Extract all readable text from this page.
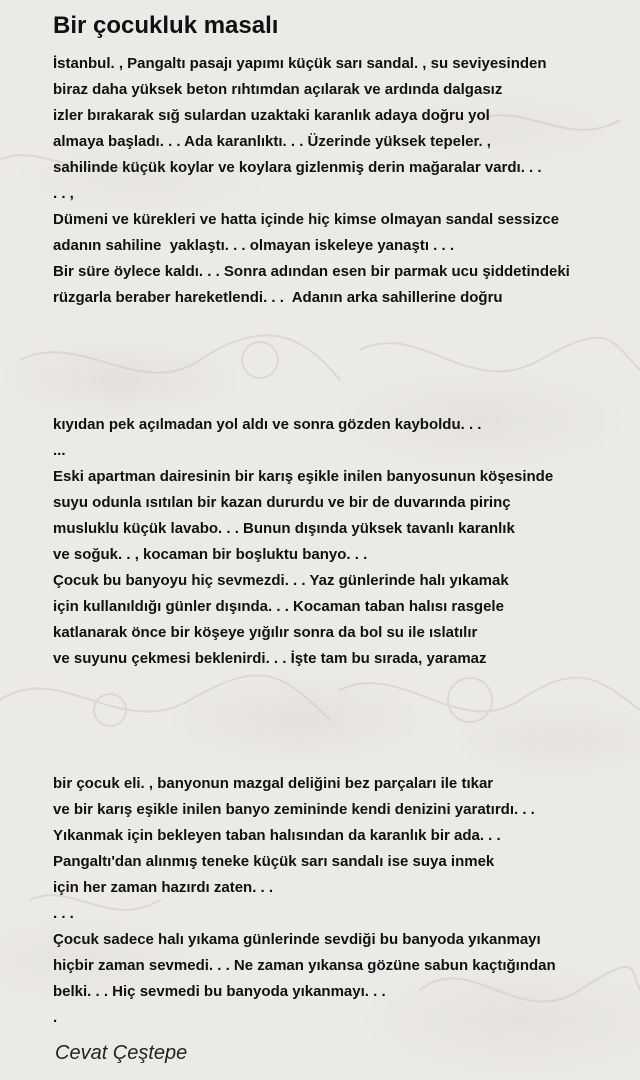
Bir çocukluk masalı
İstanbul. , Pangaltı pasajı yapımı küçük sarı sandal. , su seviyesinden
biraz daha yüksek beton rıhtımdan açılarak ve ardında dalgasız
izler bırakarak sığ sulardan uzaktaki karanlık adaya doğru yol
almaya başladı. . . Ada karanlıktı. . . Üzerinde yüksek tepeler. ,
sahilinde küçük koylar ve koylara gizlenmiş derin mağaralar vardı. . .
. . ,
Dümeni ve kürekleri ve hatta içinde hiç kimse olmayan sandal sessizce
adanın sahiline  yaklaştı. . . olmayan iskeleye yanaştı . . .
Bir süre öylece kaldı. . . Sonra adından esen bir parmak ucu şiddetindeki
rüzgarla beraber hareketlendi. . .  Adanın arka sahillerine doğru
kıyıdan pek açılmadan yol aldı ve sonra gözden kayboldu. . .
...
Eski apartman dairesinin bir karış eşikle inilen banyosunun köşesinde
suyu odunla ısıtılan bir kazan dururdu ve bir de duvarında pirinç
musluklu küçük lavabo. . . Bunun dışında yüksek tavanlı karanlık
ve soğuk. . , kocaman bir boşluktu banyo. . .
Çocuk bu banyoyu hiç sevmezdi. . . Yaz günlerinde halı yıkamak
için kullanıldığı günler dışında. . . Kocaman taban halısı rasgele
katlanarak önce bir köşeye yığılır sonra da bol su ile ıslatılır
ve suyunu çekmesi beklenirdi. . . İşte tam bu sırada, yaramaz
bir çocuk eli. , banyonun mazgal deliğini bez parçaları ile tıkar
ve bir karış eşikle inilen banyo zemininde kendi denizini yaratırdı. . .
Yıkanmak için bekleyen taban halısından da karanlık bir ada. . .
Pangaltı'dan alınmış teneke küçük sarı sandalı ise suya inmek
için her zaman hazırdı zaten. . .
. . .
Çocuk sadece halı yıkama günlerinde sevdiği bu banyoda yıkanmayı
hiçbir zaman sevmedi. . . Ne zaman yıkansa gözüne sabun kaçtığından
belki. . . Hiç sevmedi bu banyoda yıkanmayı. . .
.
Cevat Çeştepe
